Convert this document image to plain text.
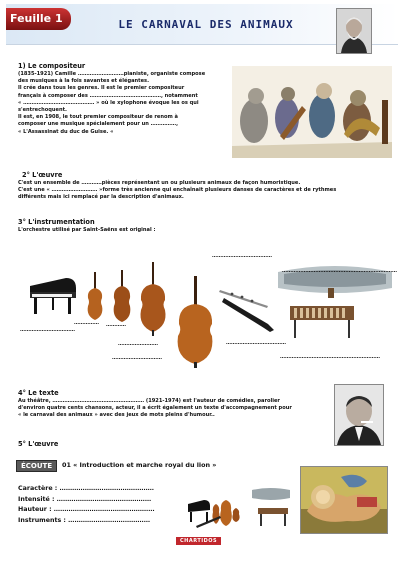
Feuille 1	LE CARNAVAL DES ANIMAUX
1) Le compositeur
(1835-1921) Camille ………………………pianiste, organiste compose
des musiques à la fois savantes et élégantes.
Il crée dans tous les genres. Il est le premier compositeur
français à composer des ……………………………………, notamment
« …………………………………… » où le xylophone évoque les os qui
s'entrechoquent.
Il est, en 1908, le tout premier compositeur de renom à
composer une musique spécialement pour un ……………,
« L'Assassinat du duc de Guise. «
2° L'œuvre
C'est un ensemble de …………pièces représentant un ou plusieurs animaux de façon humoristique.
C'est une « ……………………… »forme très ancienne qui enchaînait plusieurs danses de caractères et de rythmes
différents mais ici remplacé par la description d'animaux.
3° L'instrumentation
L'orchestre utilisé par Saint-Saëns est original :
………………………………
……………………………………………………………
……………………………
…………… …………
……………………
…………………………
………………………………
……………………………………………………
4° Le texte
Au théâtre, ……………………………………………… (1921-1974) est l'auteur de comédies, parolier
d'environ quatre cents chansons, acteur, il a écrit également un texte d'accompagnement pour
« le carnaval des animaux » avec des jeux de mots pleins d'humour..
5° L'œuvre
ÉCOUTE	01 « Introduction et marche royal du lion »
Caractère : ………………………………………
Intensité : ………………………………………
Hauteur : …………………………………………
Instruments : …………………………………
CHARTIDOS
